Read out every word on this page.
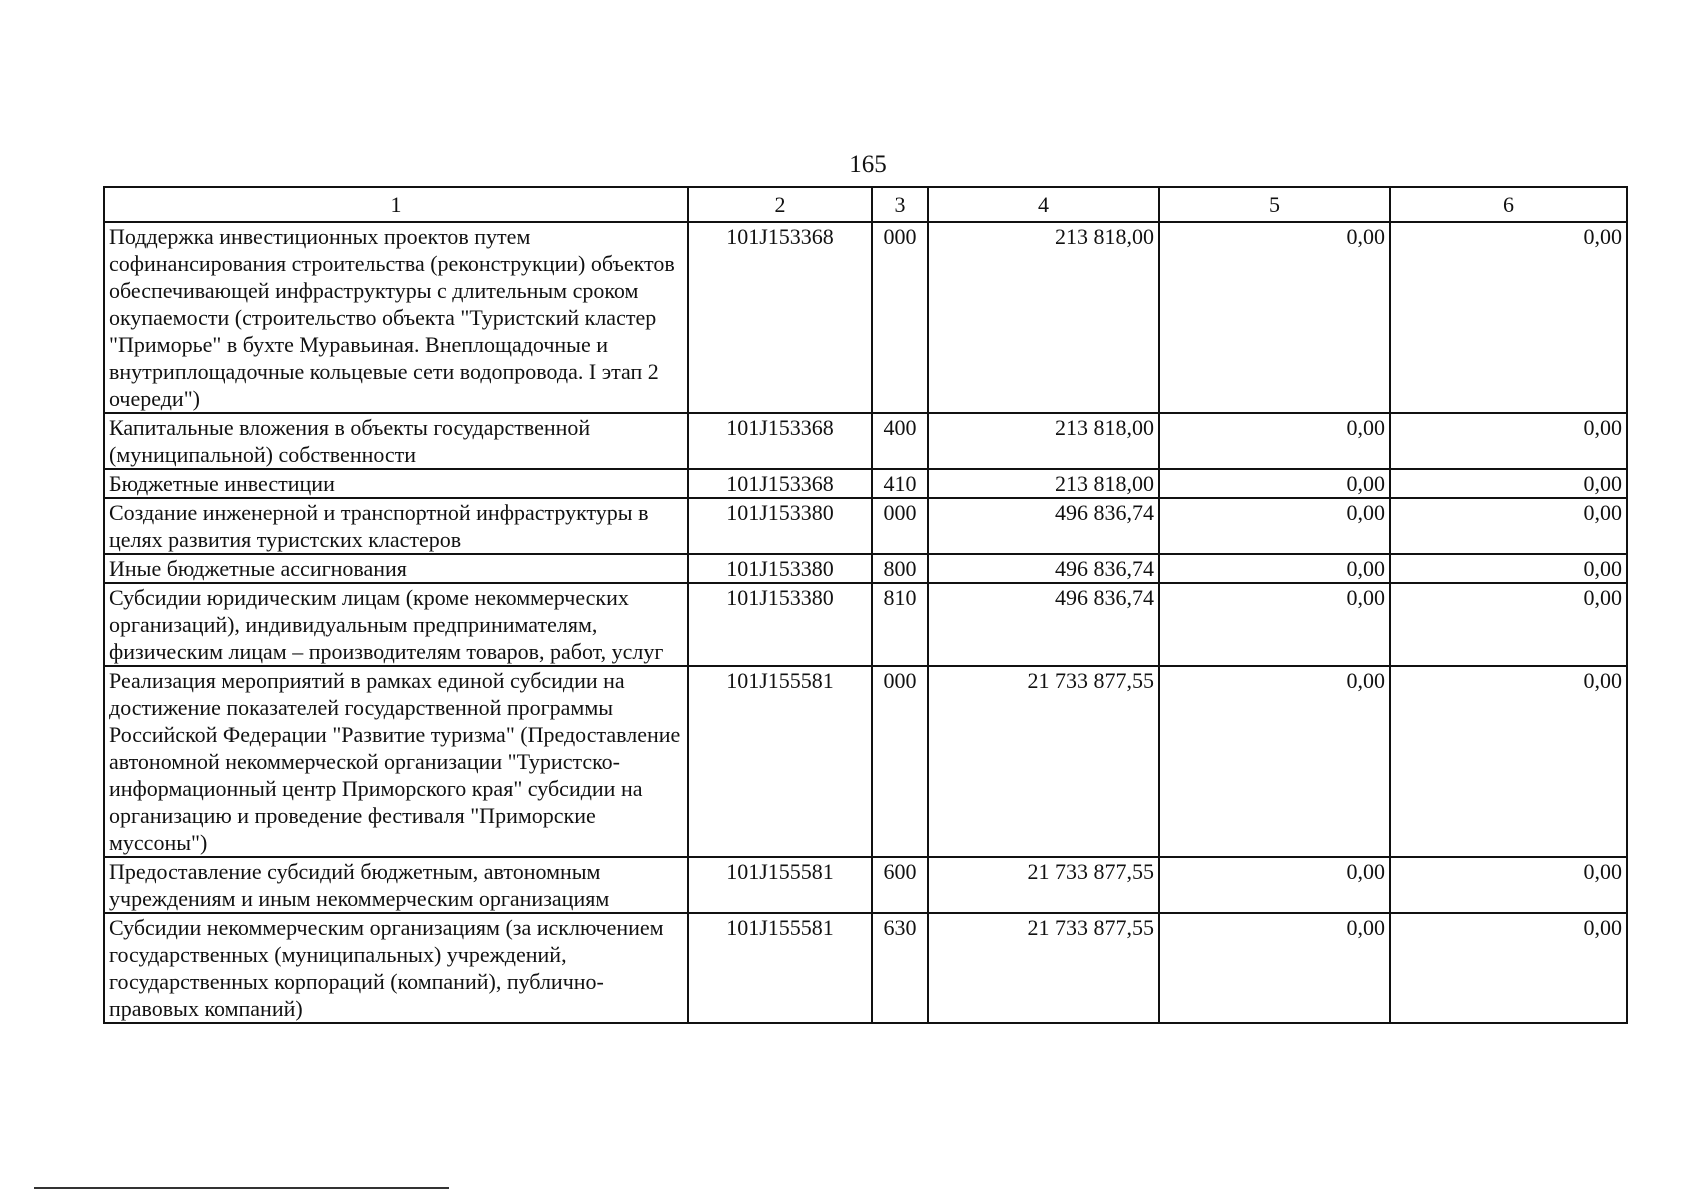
165
1	2	3	4	5	6
Поддержка инвестиционных проектов путем софинансирования строительства (реконструкции) объектов обеспечивающей инфраструктуры с длительным сроком окупаемости (строительство объекта "Туристский кластер "Приморье" в бухте Муравьиная. Внеплощадочные и внутриплощадочные кольцевые сети водопровода. I этап 2 очереди")	101J153368	000	213 818,00	0,00	0,00
Капитальные вложения в объекты государственной (муниципальной) собственности	101J153368	400	213 818,00	0,00	0,00
Бюджетные инвестиции	101J153368	410	213 818,00	0,00	0,00
Создание инженерной и транспортной инфраструктуры в целях развития туристских кластеров	101J153380	000	496 836,74	0,00	0,00
Иные бюджетные ассигнования	101J153380	800	496 836,74	0,00	0,00
Субсидии юридическим лицам (кроме некоммерческих организаций), индивидуальным предпринимателям, физическим лицам – производителям товаров, работ, услуг	101J153380	810	496 836,74	0,00	0,00
Реализация мероприятий в рамках единой субсидии на достижение показателей государственной программы Российской Федерации "Развитие туризма" (Предоставление автономной некоммерческой организации "Туристско-информационный центр Приморского края" субсидии на организацию и проведение фестиваля "Приморские муссоны")	101J155581	000	21 733 877,55	0,00	0,00
Предоставление субсидий бюджетным, автономным учреждениям и иным некоммерческим организациям	101J155581	600	21 733 877,55	0,00	0,00
Субсидии некоммерческим организациям (за исключением государственных (муниципальных) учреждений, государственных корпораций (компаний), публично-правовых компаний)	101J155581	630	21 733 877,55	0,00	0,00
